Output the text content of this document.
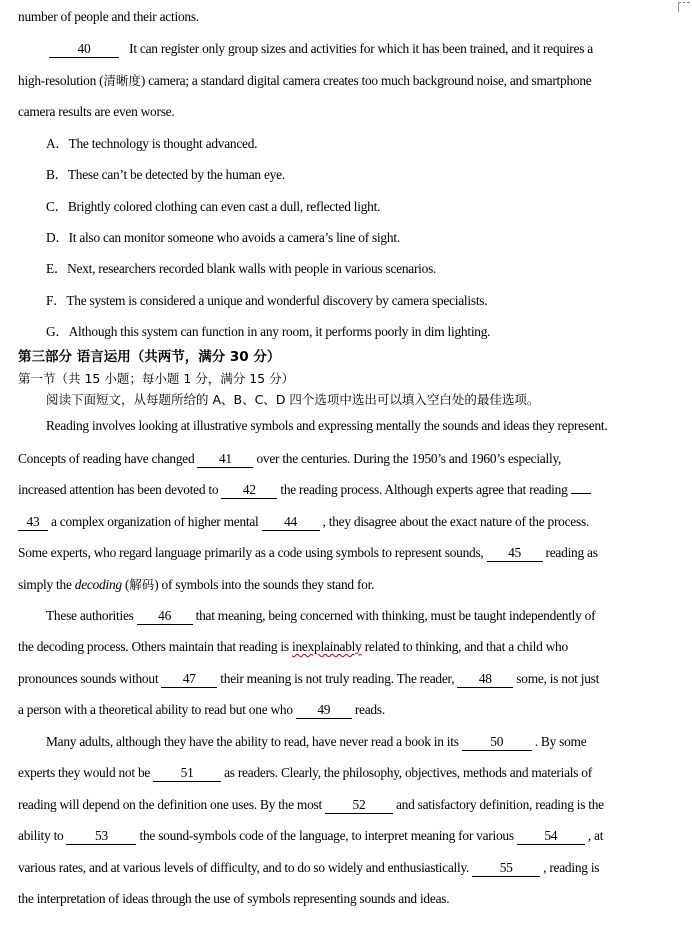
number of people and their actions.
40	It can register only group sizes and activities for which it has been trained, and it requires a
high-resolution (清晰度) camera; a standard digital camera creates too much background noise, and smartphone
camera results are even worse.
A．The technology is thought advanced.
B．These can’t be detected by the human eye.
C．Brightly colored clothing can even cast a dull, reflected light.
D．It also can monitor someone who avoids a camera’s line of sight.
E．Next, researchers recorded blank walls with people in various scenarios.
F．The system is considered a unique and wonderful discovery by camera specialists.
G．Although this system can function in any room, it performs poorly in dim lighting.
第三部分 语言运用（共两节，满分 30 分）
第一节（共 15 小题；每小题 1 分，满分 15 分）
阅读下面短文，从每题所给的 A、B、C、D 四个选项中选出可以填入空白处的最佳选项。
Reading involves looking at illustrative symbols and expressing mentally the sounds and ideas they represent.
Concepts of reading have changed 41 over the centuries. During the 1950’s and 1960’s especially,
increased attention has been devoted to 42 the reading process. Although experts agree that reading
43 a complex organization of higher mental 44 , they disagree about the exact nature of the process.
Some experts, who regard language primarily as a code using symbols to represent sounds, 45 reading as
simply the decoding (解码) of symbols into the sounds they stand for.
These authorities 46 that meaning, being concerned with thinking, must be taught independently of
the decoding process. Others maintain that reading is inexplainably related to thinking, and that a child who
pronounces sounds without 47 their meaning is not truly reading. The reader, 48 some, is not just
a person with a theoretical ability to read but one who 49 reads.
Many adults, although they have the ability to read, have never read a book in its 50 . By some
experts they would not be 51 as readers. Clearly, the philosophy, objectives, methods and materials of
reading will depend on the definition one uses. By the most 52 and satisfactory definition, reading is the
ability to 53 the sound-symbols code of the language, to interpret meaning for various 54 , at
various rates, and at various levels of difficulty, and to do so widely and enthusiastically. 55 , reading is
the interpretation of ideas through the use of symbols representing sounds and ideas.
